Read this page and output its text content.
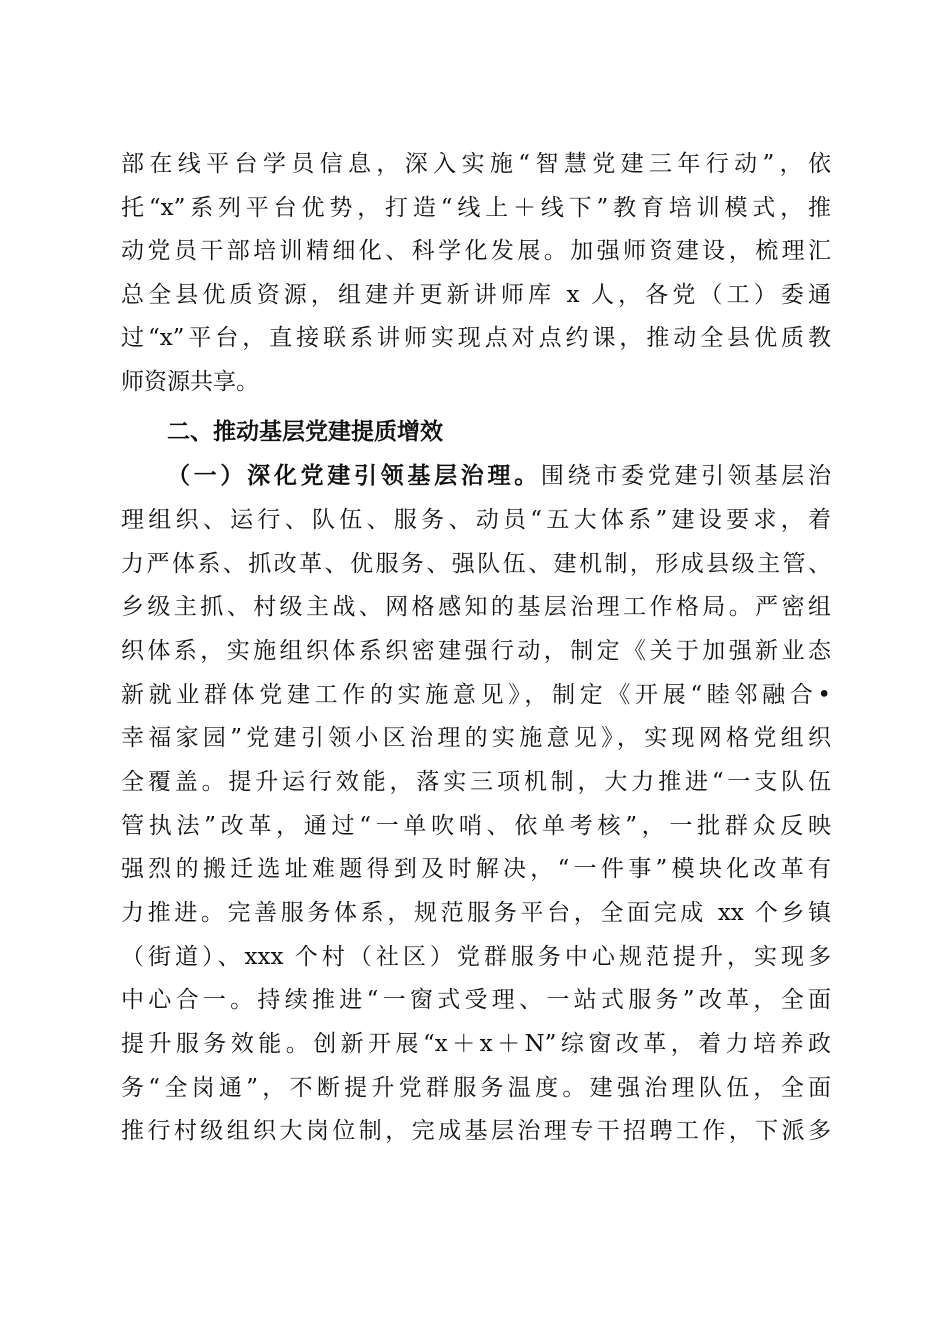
部在线平台学员信息，深入实施“智慧党建三年行动”，依
托“x”系列平台优势，打造“线上＋线下”教育培训模式，推
动党员干部培训精细化、科学化发展。加强师资建设，梳理汇
总全县优质资源，组建并更新讲师库 x 人，各党（工）委通
过“x”平台，直接联系讲师实现点对点约课，推动全县优质教
师资源共享。
二、推动基层党建提质增效
（一）深化党建引领基层治理。围绕市委党建引领基层治
理组织、运行、队伍、服务、动员“五大体系”建设要求，着
力严体系、抓改革、优服务、强队伍、建机制，形成县级主管、
乡级主抓、村级主战、网格感知的基层治理工作格局。严密组
织体系，实施组织体系织密建强行动，制定《关于加强新业态
新就业群体党建工作的实施意见》，制定《开展“睦邻融合•
幸福家园”党建引领小区治理的实施意见》，实现网格党组织
全覆盖。提升运行效能，落实三项机制，大力推进“一支队伍
管执法”改革，通过“一单吹哨、依单考核”，一批群众反映
强烈的搬迁选址难题得到及时解决，“一件事”模块化改革有
力推进。完善服务体系，规范服务平台，全面完成 xx 个乡镇
（街道）、xxx 个村（社区）党群服务中心规范提升，实现多
中心合一。持续推进“一窗式受理、一站式服务”改革，全面
提升服务效能。创新开展“x＋x＋N”综窗改革，着力培养政
务“全岗通”，不断提升党群服务温度。建强治理队伍，全面
推行村级组织大岗位制，完成基层治理专干招聘工作，下派多
